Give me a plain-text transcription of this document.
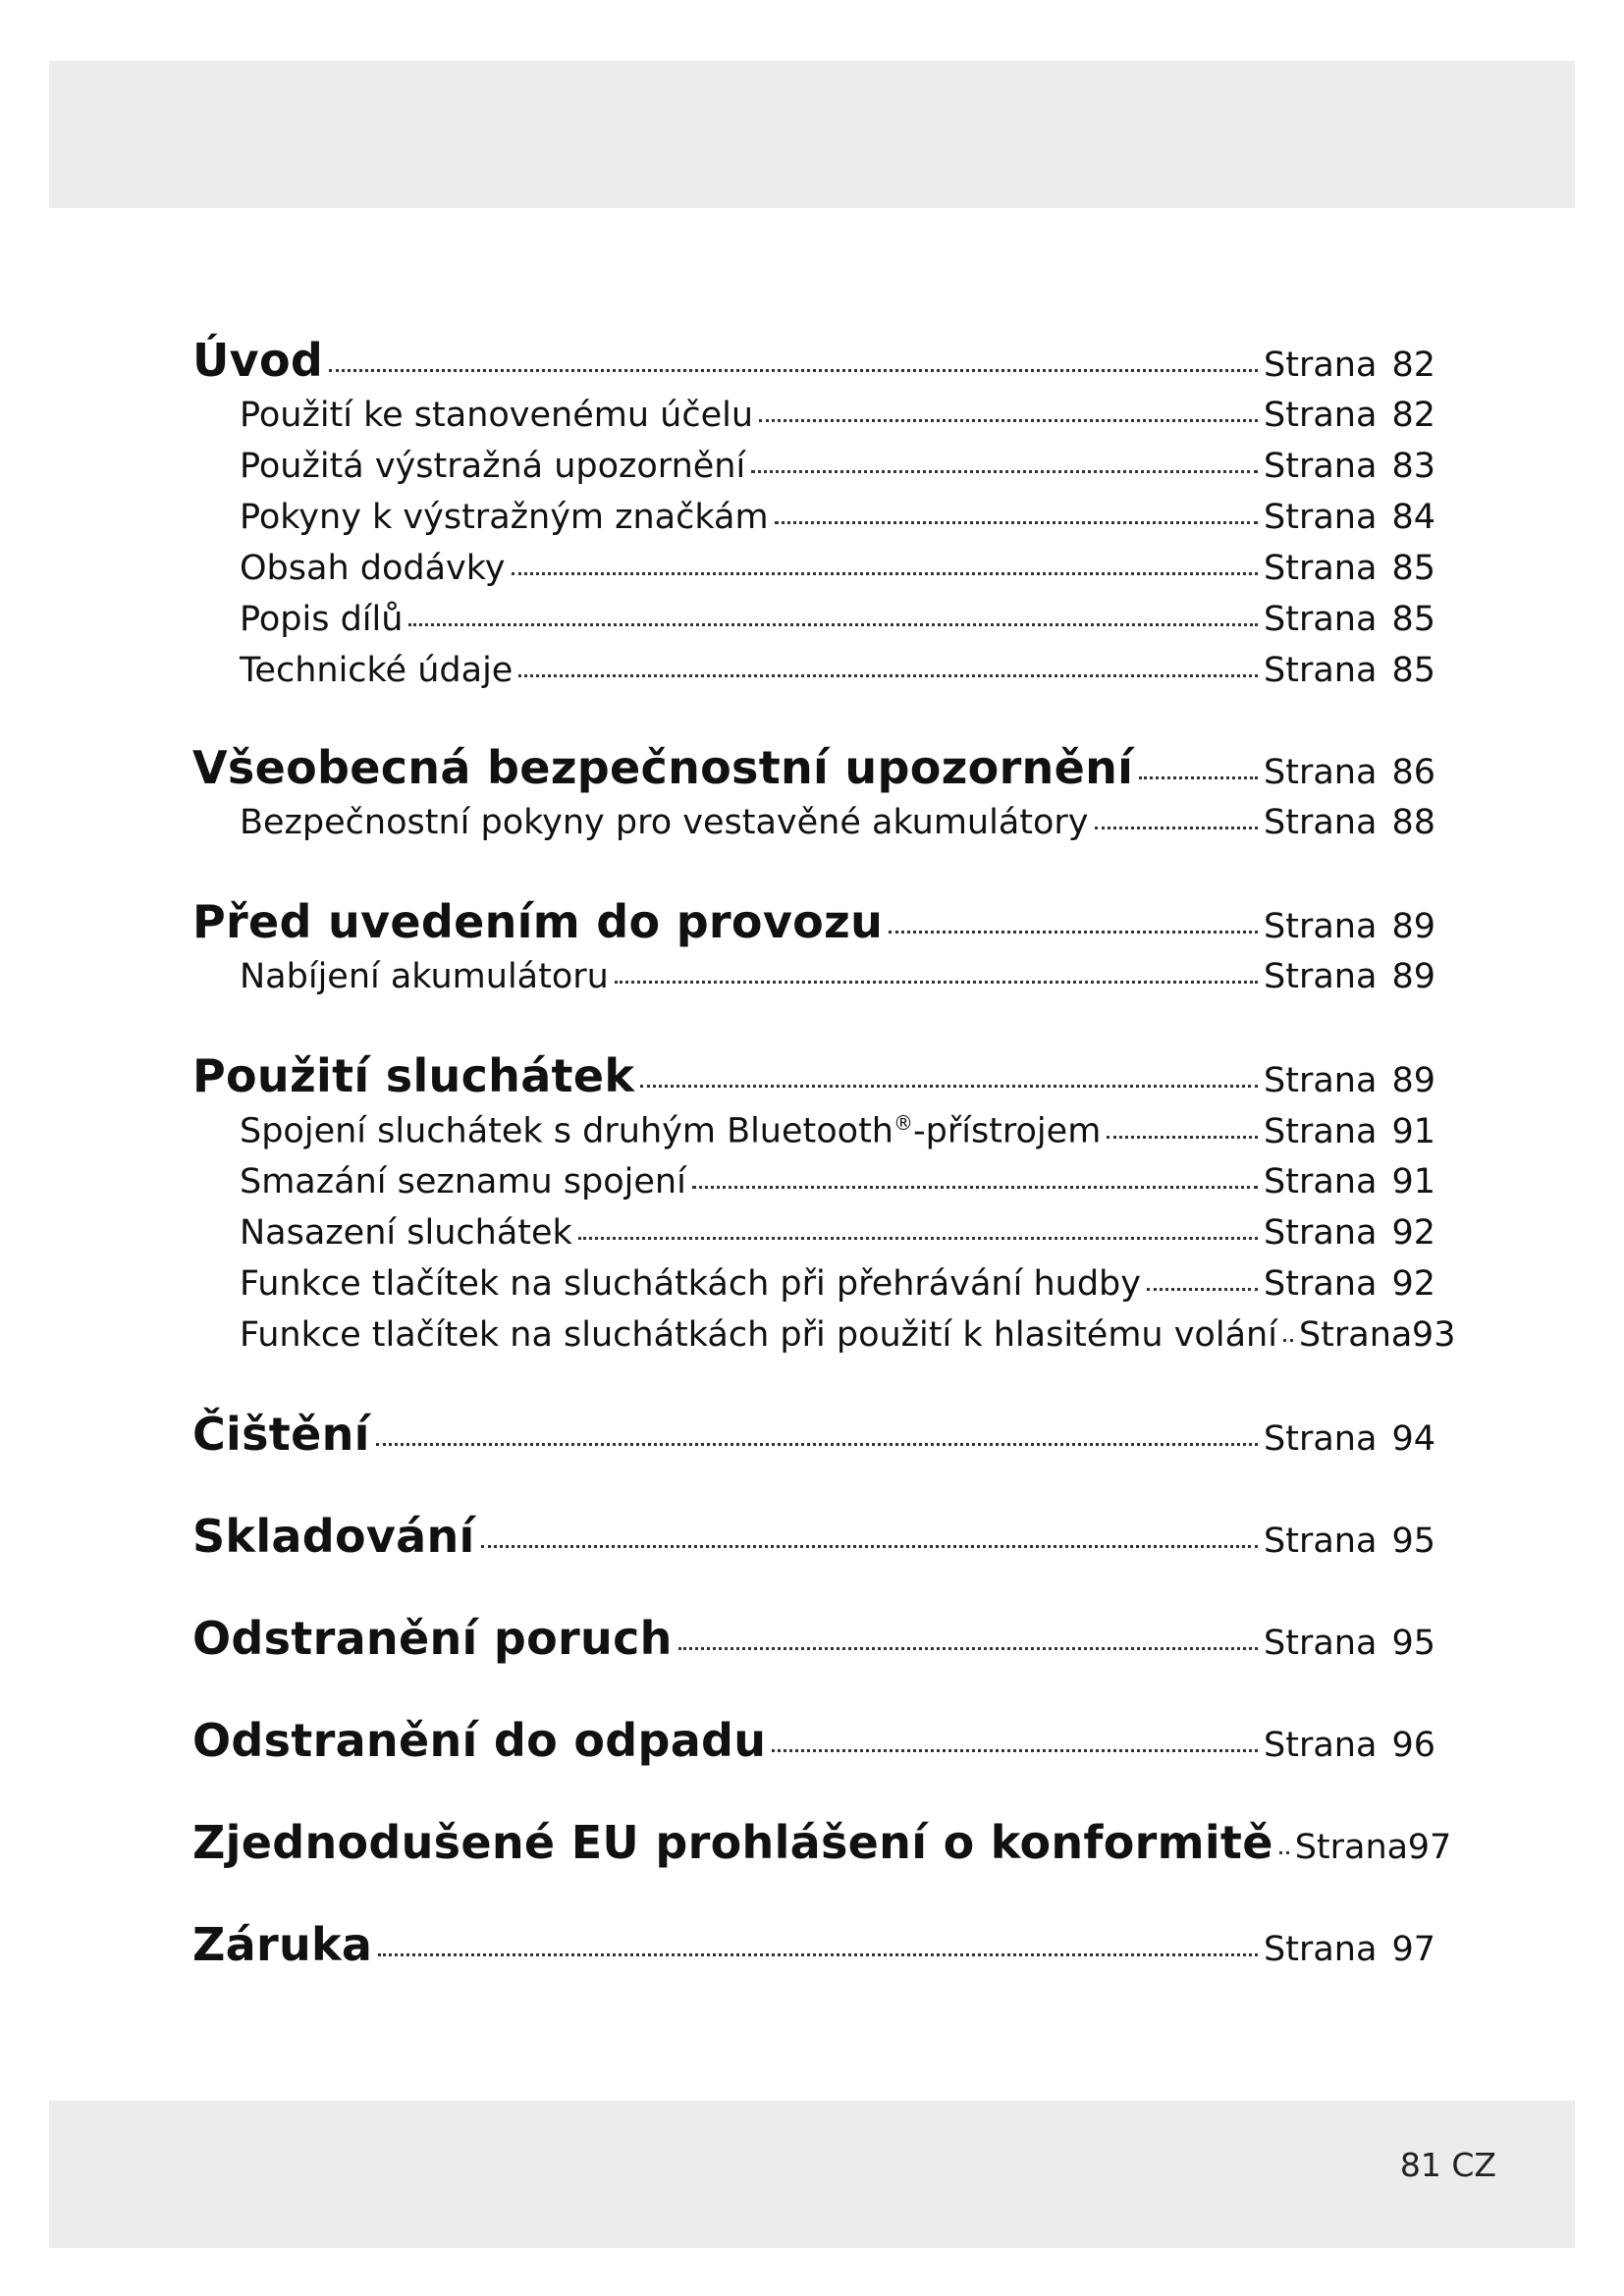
Úvod	Strana 82
Použití ke stanovenému účelu	Strana 82
Použitá výstražná upozornění	Strana 83
Pokyny k výstražným značkám	Strana 84
Obsah dodávky	Strana 85
Popis dílů	Strana 85
Technické údaje	Strana 85
Všeobecná bezpečnostní upozornění	Strana 86
Bezpečnostní pokyny pro vestavěné akumulátory	Strana 88
Před uvedením do provozu	Strana 89
Nabíjení akumulátoru	Strana 89
Použití sluchátek	Strana 89
Spojení sluchátek s druhým Bluetooth®-přístrojem	Strana 91
Smazání seznamu spojení	Strana 91
Nasazení sluchátek	Strana 92
Funkce tlačítek na sluchátkách při přehrávání hudby	Strana 92
Funkce tlačítek na sluchátkách při použití k hlasitému volání Strana 93
Čištění	Strana 94
Skladování	Strana 95
Odstranění poruch	Strana 95
Odstranění do odpadu	Strana 96
Zjednodušené EU prohlášení o konformitě Strana 97
Záruka	Strana 97
81 CZ
